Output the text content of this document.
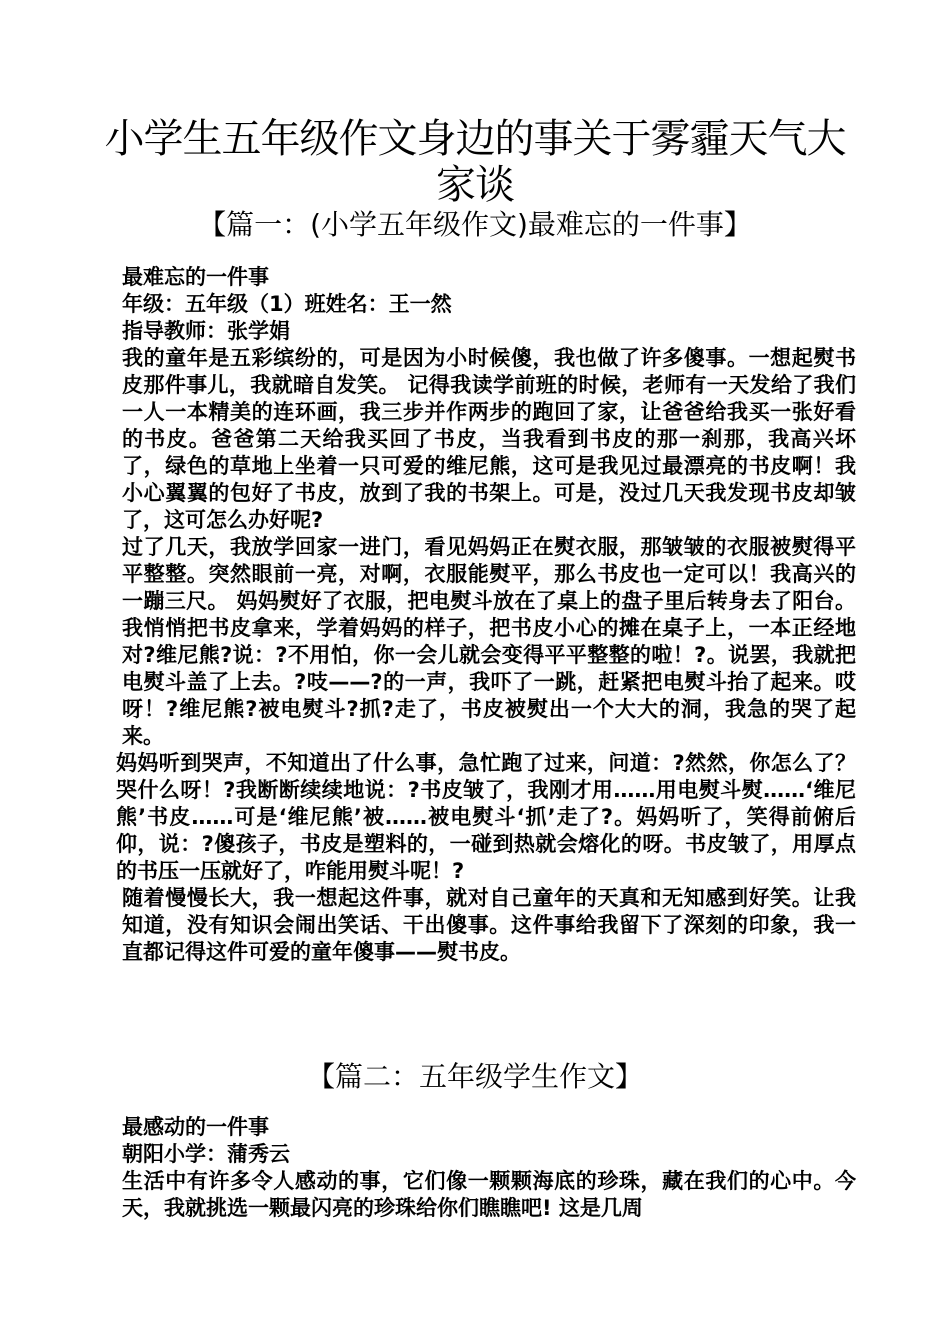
小学生五年级作文身边的事关于雾霾天气大家谈
【篇一：(小学五年级作文)最难忘的一件事】

最难忘的一件事

年级：五年级（1）班姓名：王一然

指导教师：张学娟

我的童年是五彩缤纷的，可是因为小时候傻，我也做了许多傻事。一想起熨书皮那件事儿，我就暗自发笑。 记得我读学前班的时候，老师有一天发给了我们一人一本精美的连环画，我三步并作两步的跑回了家，让爸爸给我买一张好看的书皮。爸爸第二天给我买回了书皮，当我看到书皮的那一刹那，我高兴坏了，绿色的草地上坐着一只可爱的维尼熊，这可是我见过最漂亮的书皮啊！我小心翼翼的包好了书皮，放到了我的书架上。可是，没过几天我发现书皮却皱了，这可怎么办好呢?

过了几天，我放学回家一进门，看见妈妈正在熨衣服，那皱皱的衣服被熨得平平整整。突然眼前一亮，对啊，衣服能熨平，那么书皮也一定可以！我高兴的一蹦三尺。 妈妈熨好了衣服，把电熨斗放在了桌上的盘子里后转身去了阳台。我悄悄把书皮拿来，学着妈妈的样子，把书皮小心的摊在桌子上，一本正经地对?维尼熊?说：?不用怕，你一会儿就会变得平平整整的啦！?。说罢，我就把电熨斗盖了上去。?吱——?的一声，我吓了一跳，赶紧把电熨斗抬了起来。哎呀！?维尼熊?被电熨斗?抓?走了，书皮被熨出一个大大的洞，我急的哭了起来。

妈妈听到哭声，不知道出了什么事，急忙跑了过来，问道：?然然，你怎么了？哭什么呀！?我断断续续地说：?书皮皱了，我刚才用……用电熨斗熨……‘维尼熊’书皮……可是‘维尼熊’被……被电熨斗‘抓’走了?。妈妈听了，笑得前俯后仰，说：?傻孩子，书皮是塑料的，一碰到热就会熔化的呀。书皮皱了，用厚点的书压一压就好了，咋能用熨斗呢！?

随着慢慢长大，我一想起这件事，就对自己童年的天真和无知感到好笑。让我知道，没有知识会闹出笑话、干出傻事。这件事给我留下了深刻的印象，我一直都记得这件可爱的童年傻事——熨书皮。

【篇二：五年级学生作文】

最感动的一件事

朝阳小学：蒲秀云

生活中有许多令人感动的事，它们像一颗颗海底的珍珠，藏在我们的心中。今天，我就挑选一颗最闪亮的珍珠给你们瞧瞧吧! 这是几周
